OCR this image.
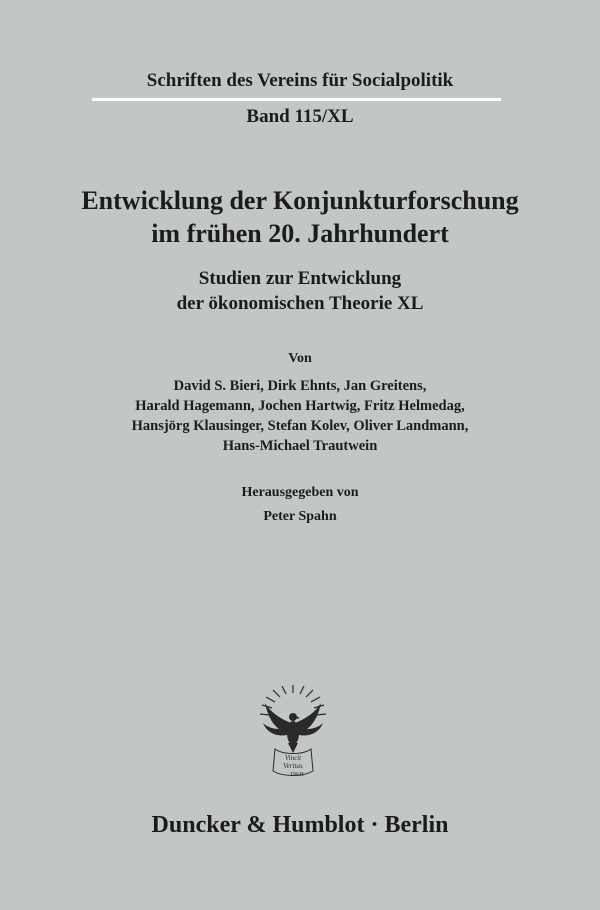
Schriften des Vereins für Socialpolitik
Band 115/XL
Entwicklung der Konjunkturforschung
im frühen 20. Jahrhundert
Studien zur Entwicklung
der ökonomischen Theorie XL
Von
David S. Bieri, Dirk Ehnts, Jan Greitens,
Harald Hagemann, Jochen Hartwig, Fritz Helmedag,
Hansjörg Klausinger, Stefan Kolev, Oliver Landmann,
Hans-Michael Trautwein
Herausgegeben von
Peter Spahn
Vincit
Veritas
D&H
Duncker & Humblot · Berlin
